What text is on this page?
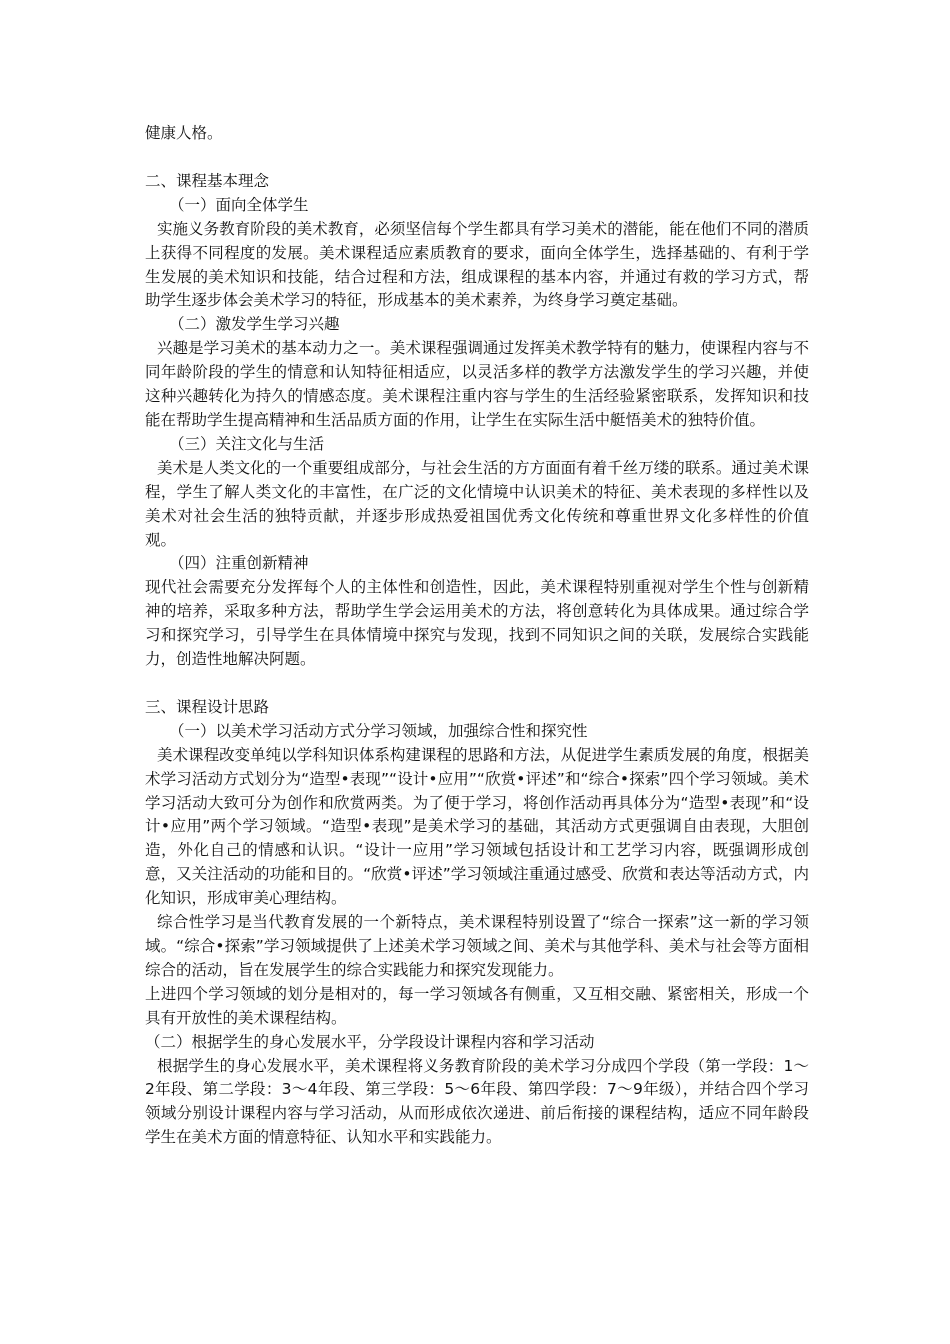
健康人格。

二、课程基本理念

（一）面向全体学生

实施义务教育阶段的美术教育，必须坚信每个学生都具有学习美术的潜能，能在他们不同的潜质上获得不同程度的发展。美术课程适应素质教育的要求，面向全体学生，选择基础的、有利于学生发展的美术知识和技能，结合过程和方法，组成课程的基本内容，并通过有救的学习方式，帮助学生逐步体会美术学习的特征，形成基本的美术素养，为终身学习奠定基础。

（二）激发学生学习兴趣

兴趣是学习美术的基本动力之一。美术课程强调通过发挥美术教学特有的魅力，使课程内容与不同年龄阶段的学生的情意和认知特征相适应，以灵活多样的教学方法激发学生的学习兴趣，并使这种兴趣转化为持久的情感态度。美术课程注重内容与学生的生活经验紧密联系，发挥知识和技能在帮助学生提高精神和生活品质方面的作用，让学生在实际生活中艇悟美术的独特价值。

（三）关注文化与生活

美术是人类文化的一个重要组成部分，与社会生活的方方面面有着千丝万缕的联系。通过美术课程，学生了解人类文化的丰富性，在广泛的文化情境中认识美术的特征、美术表现的多样性以及美术对社会生活的独特贡献，并逐步形成热爱祖国优秀文化传统和尊重世界文化多样性的价值观。

（四）注重创新精神

现代社会需要充分发挥每个人的主体性和创造性，因此，美术课程特别重视对学生个性与创新精神的培养，采取多种方法，帮助学生学会运用美术的方法，将创意转化为具体成果。通过综合学习和探究学习，引导学生在具体情境中探究与发现，找到不同知识之间的关联，发展综合实践能力，创造性地解决阿题。

三、课程设计思路

（一）以美术学习活动方式分学习领域，加强综合性和探究性

美术课程改变单纯以学科知识体系构建课程的思路和方法，从促进学生素质发展的角度，根据美术学习活动方式划分为“造型•表现”“设计•应用”“欣赏•评述”和“综合•探索”四个学习领域。美术学习活动大致可分为创作和欣赏两类。为了便于学习，将创作活动再具体分为“造型•表现”和“设计•应用”两个学习领域。“造型•表现”是美术学习的基础，其活动方式更强调自由表现，大胆创造，外化自己的情感和认识。“设计一应用”学习领域包括设计和工艺学习内容，既强调形成创意，又关注活动的功能和目的。“欣赏•评述”学习领域注重通过感受、欣赏和表达等活动方式，内化知识，形成审美心理结构。

综合性学习是当代教育发展的一个新特点，美术课程特别设置了“综合一探索”这一新的学习领域。“综合•探索”学习领域提供了上述美术学习领域之间、美术与其他学科、美术与社会等方面相综合的活动，旨在发展学生的综合实践能力和探究发现能力。

上进四个学习领域的划分是相对的，每一学习领域各有侧重，又互相交融、紧密相关，形成一个具有开放性的美术课程结构。

（二）根据学生的身心发展水平，分学段设计课程内容和学习活动

根据学生的身心发展水平，美术课程将义务教育阶段的美术学习分成四个学段（第一学段：1～2年段、第二学段：3～4年段、第三学段：5～6年段、第四学段：7～9年级），并结合四个学习领域分别设计课程内容与学习活动，从而形成依次递进、前后衔接的课程结构，适应不同年龄段学生在美术方面的情意特征、认知水平和实践能力。
